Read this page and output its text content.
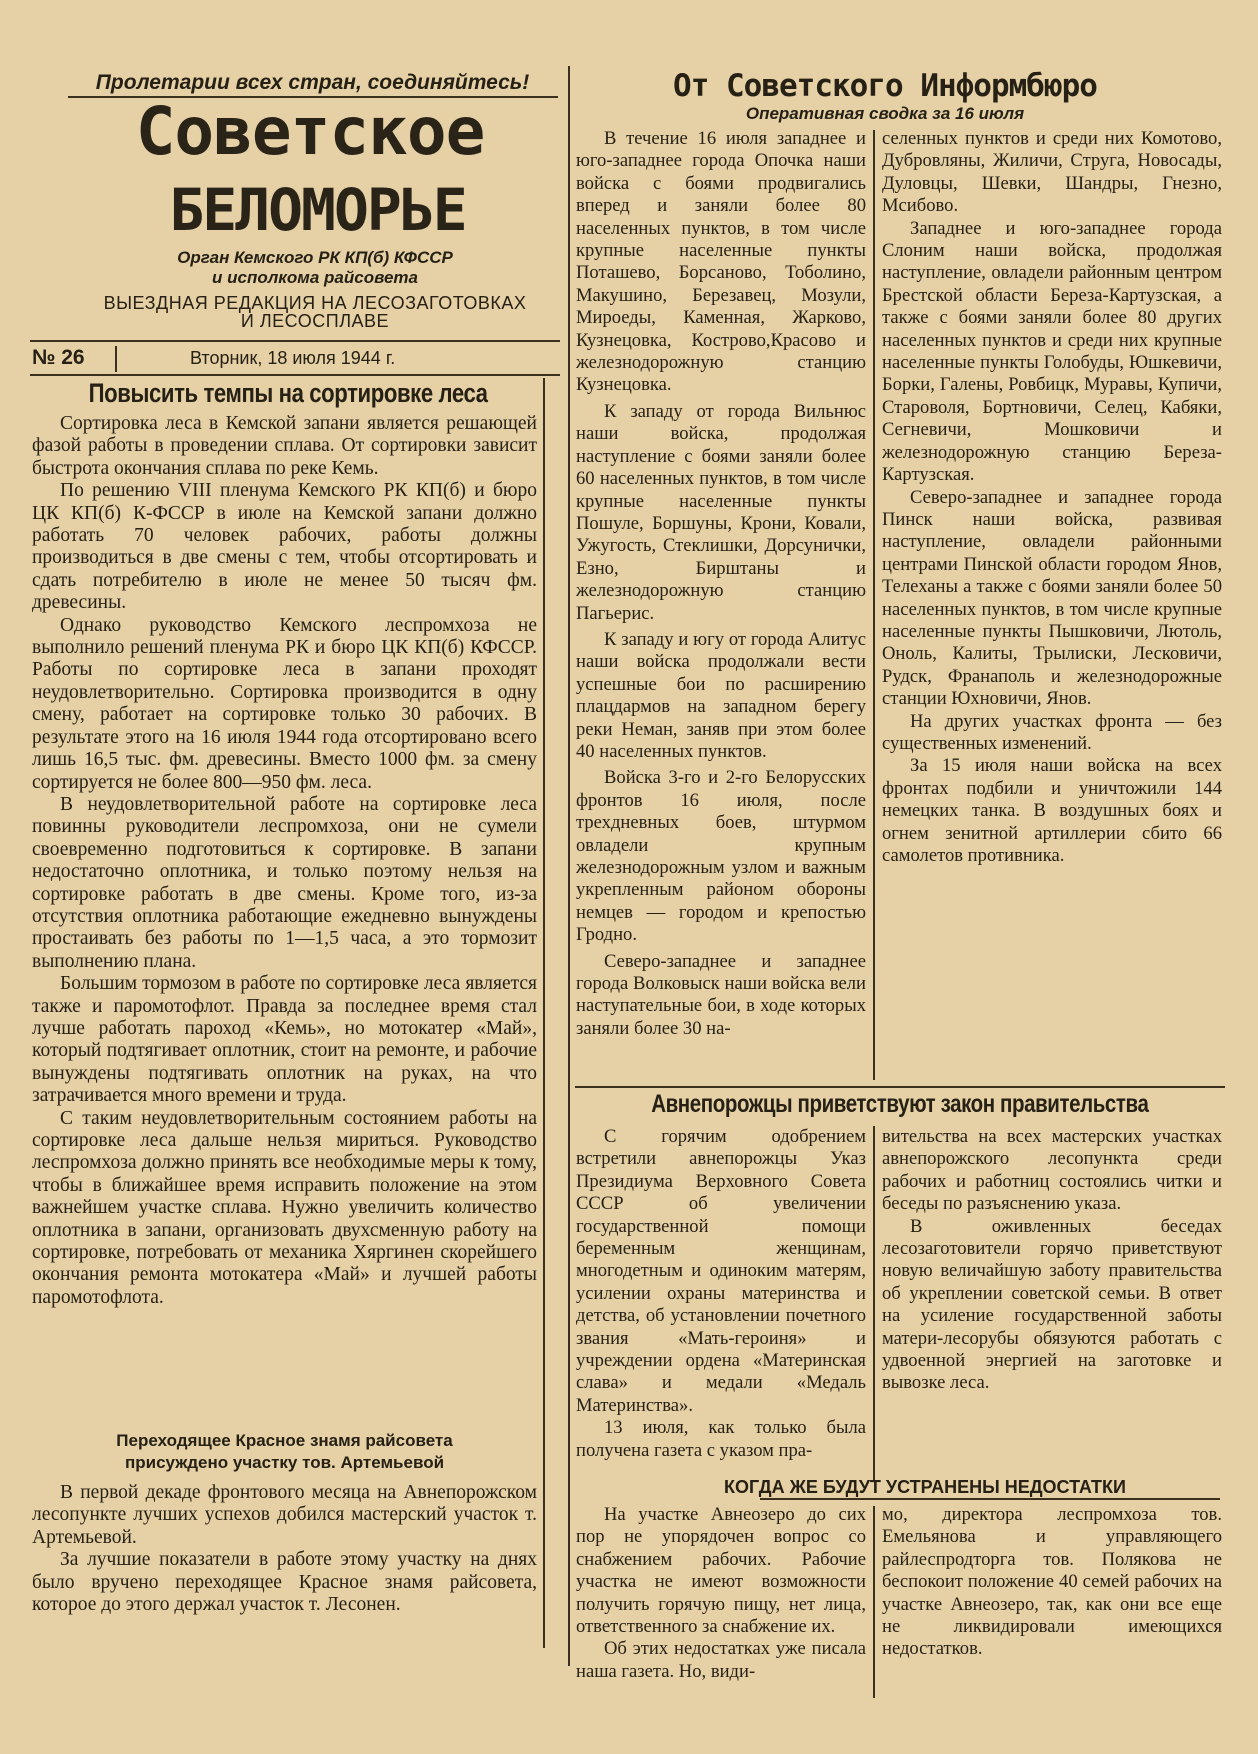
Пролетарии всех стран, соединяйтесь!
Советское
БЕЛОМОРЬЕ
Орган Кемского РК КП(б) КФССР
и исполкома райсовета
ВЫЕЗДНАЯ РЕДАКЦИЯ НА ЛЕСОЗАГОТОВКАХ
И ЛЕСОСПЛАВЕ
№ 26	Вторник, 18 июля 1944 г.
От Советского Информбюро
Оперативная сводка за 16 июля

В течение 16 июля западнее и юго-западнее города Опочка наши войска с боями продвигались вперед и заняли более 80 населенных пунктов, в том числе крупные населенные пункты Поташево, Борсаново, Тоболино, Макушино, Березавец, Мозули, Мироеды, Каменная, Жарково, Кузнецовка, Кострово,Красово и железнодорожную станцию Кузнецовка.

К западу от города Вильнюс наши войска, продолжая наступление с боями заняли более 60 населенных пунктов, в том числе крупные населенные пункты Пошуле, Боршуны, Крони, Ковали, Ужугость, Стеклишки, Дорсунички, Езно, Бирштаны и железнодорожную станцию Пагьерис.

К западу и югу от города Алитус наши войска продолжали вести успешные бои по расширению плацдармов на западном берегу реки Неман, заняв при этом более 40 населенных пунктов.

Войска 3-го и 2-го Белорусских фронтов 16 июля, после трехдневных боев, штурмом овладели крупным железнодорожным узлом и важным укрепленным районом обороны немцев — городом и крепостью Гродно.

Северо-западнее и западнее города Волковыск наши войска вели наступательные бои, в ходе которых заняли более 30 на-

селенных пунктов и среди них Комотово, Дубровляны, Жиличи, Струга, Новосады, Дуловцы, Шевки, Шандры, Гнезно, Мсибово.

Западнее и юго-западнее города Слоним наши войска, продолжая наступление, овладели районным центром Брестской области Береза-Картузская, а также с боями заняли более 80 других населенных пунктов и среди них крупные населенные пункты Голобуды, Юшкевичи, Борки, Галены, Ровбицк, Муравы, Купичи, Староволя, Бортновичи, Селец, Кабяки, Сегневичи, Мошковичи и железнодорожную станцию Береза-Картузская.

Северо-западнее и западнее города Пинск наши войска, развивая наступление, овладели районными центрами Пинской области городом Янов, Телеханы а также с боями заняли более 50 населенных пунктов, в том числе крупные населенные пункты Пышковичи, Лютоль, Оноль, Калиты, Трылиски, Лесковичи, Рудск, Франаполь и железнодорожные станции Юхновичи, Янов.

На других участках фронта — без существенных изменений.

За 15 июля наши войска на всех фронтах подбили и уничтожили 144 немецких танка. В воздушных боях и огнем зенитной артиллерии сбито 66 самолетов противника.

Авнепорожцы приветствуют закон правительства

С горячим одобрением встретили авнепорожцы Указ Президиума Верховного Совета СССР об увеличении государственной помощи беременным женщинам, многодетным и одиноким матерям, усилении охраны материнства и детства, об установлении почетного звания «Мать-героиня» и учреждении ордена «Материнская слава» и медали «Медаль Материнства».

13 июля, как только была получена газета с указом пра-

вительства на всех мастерских участках авнепорожского лесопункта среди рабочих и работниц состоялись читки и беседы по разъяснению указа.

В оживленных беседах лесозаготовители горячо приветствуют новую величайшую заботу правительства об укреплении советской семьи. В ответ на усиление государственной заботы матери-лесорубы обязуются работать с удвоенной энергией на заготовке и вывозке леса.

КОГДА ЖЕ БУДУТ УСТРАНЕНЫ НЕДОСТАТКИ

На участке Авнеозеро до сих пор не упорядочен вопрос со снабжением рабочих. Рабочие участка не имеют возможности получить горячую пищу, нет лица, ответственного за снабжение их.

Об этих недостатках уже писала наша газета. Но, види-

мо, директора леспромхоза тов. Емельянова и управляющего райлеспродторга тов. Полякова не беспокоит положение 40 семей рабочих на участке Авнеозеро, так, как они все еще не ликвидировали имеющихся недостатков.

Повысить темпы на сортировке леса

Сортировка леса в Кемской запани является решающей фазой работы в проведении сплава. От сортировки зависит быстрота окончания сплава по реке Кемь.

По решению VIII пленума Кемского РК КП(б) и бюро ЦК КП(б) К-ФССР в июле на Кемской запани должно работать 70 человек рабочих, работы должны производиться в две смены с тем, чтобы отсортировать и сдать потребителю в июле не менее 50 тысяч фм. древесины.

Однако руководство Кемского леспромхоза не выполнило решений пленума РК и бюро ЦК КП(б) КФССР. Работы по сортировке леса в запани проходят неудовлетворительно. Сортировка производится в одну смену, работает на сортировке только 30 рабочих. В результате этого на 16 июля 1944 года отсортировано всего лишь 16,5 тыс. фм. древесины. Вместо 1000 фм. за смену сортируется не более 800—950 фм. леса.

В неудовлетворительной работе на сортировке леса повинны руководители леспромхоза, они не сумели своевременно подготовиться к сортировке. В запани недостаточно оплотника, и только поэтому нельзя на сортировке работать в две смены. Кроме того, из-за отсутствия оплотника работающие ежедневно вынуждены простаивать без работы по 1—1,5 часа, а это тормозит выполнению плана.

Большим тормозом в работе по сортировке леса является также и паромотофлот. Правда за последнее время стал лучше работать пароход «Кемь», но мотокатер «Май», который подтягивает оплотник, стоит на ремонте, и рабочие вынуждены подтягивать оплотник на руках, на что затрачивается много времени и труда.

С таким неудовлетворительным состоянием работы на сортировке леса дальше нельзя мириться. Руководство леспромхоза должно принять все необходимые меры к тому, чтобы в ближайшее время исправить положение на этом важнейшем участке сплава. Нужно увеличить количество оплотника в запани, организовать двухсменную работу на сортировке, потребовать от механика Хяргинен скорейшего окончания ремонта мотокатера «Май» и лучшей работы паромотофлота.

Переходящее Красное знамя райсовета
присуждено участку тов. Артемьевой

В первой декаде фронтового месяца на Авнепорожском лесопункте лучших успехов добился мастерский участок т. Артемьевой.

За лучшие показатели в работе этому участку на днях было вручено переходящее Красное знамя райсовета, которое до этого держал участок т. Лесонен.
